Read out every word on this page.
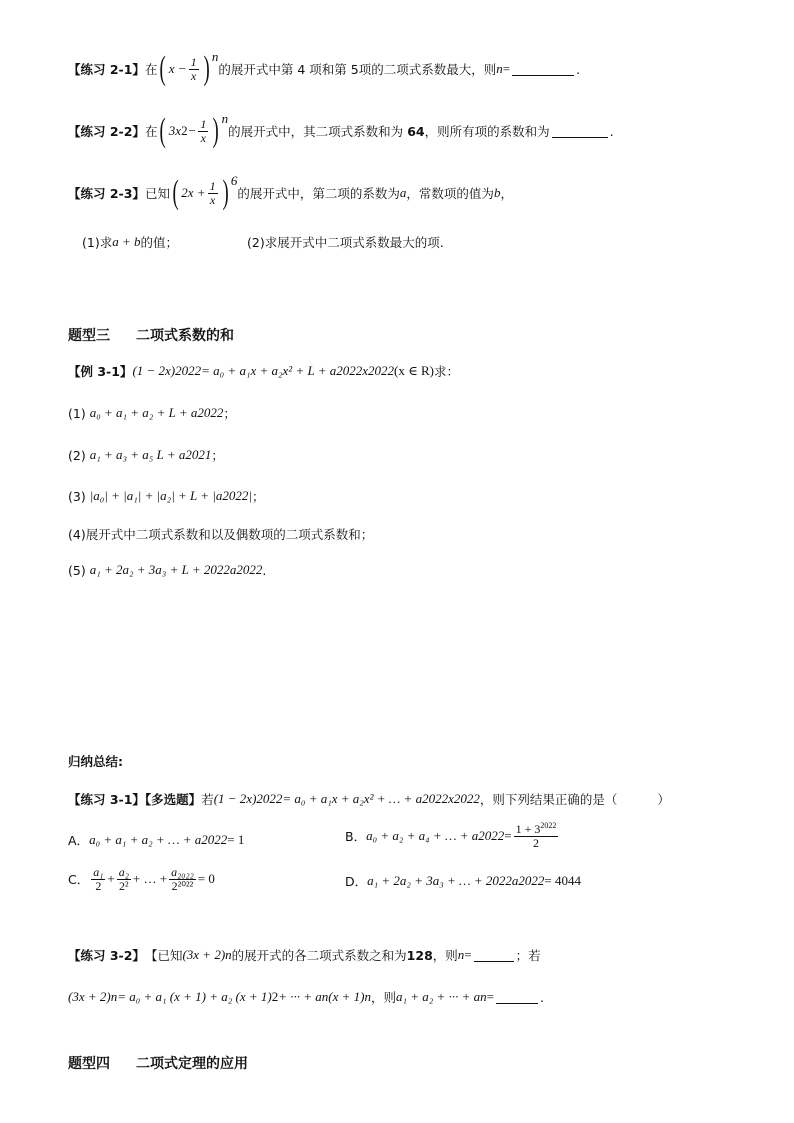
【练习 2-1】 在 ( $x - \frac{1}{x} )^n$
的展开式中第 4 项和第 5项的二项式系数最大，则 n =	.
【练习 2-2】 在 ( 3x $2 - \frac{1}{x} )^n$
的展开式中，其二项式系数和为 64 ，则所有项的系数和为	.
【练习 2-3】 已知 ( $2x + \frac{1}{x} )^6$
的展开式中，第二项的系数为 a ，常数项的值为 b ，
(1)求 a + b 的值；	(2)求展开式中二项式系数最大的项.
题型三 二项式系数的和
【例 3-1】 (1 − 2x) 2022 = a₀ + a₁x + a₂x² + L + a 2022 x 2022 (x ∈ R) 求：
(1) a₀ + a₁ + a₂ + L + a 2022 ；
(2) a₁ + a₃ + a₅ L + a 2021 ；
(3) |a₀| + |a₁| + |a₂| + L + |a 2022 | ；
(4) 展开式中二项式系数和以及偶数项的二项式系数和；
(5) a₁ + 2a₂ + 3a₃ + L + 2022a 2022 .
归纳总结:
【练习 3-1】【多选题】 若 (1 − 2x) 2022 = a₀ + a₁x + a₂x² + … + a 2022 x 2022 ，则下列结果正确的是（	）
A． a₀ + a₁ + a₂ + … + a 2022 = 1	B． a₀ + a₂ + a₄ + … + a $2022 = \frac{1 + 3^{2022}}{2}$
C． $\frac{\text{a₁}}{2} + \frac{\text{a₂}}{\text{2²}}$ + … + $\frac{\text{a₂₀₂₂}}{\text{2²⁰²²}} = 0$	D． a₁ + 2a₂ + 3a₃ + … + 2022a 2022 = 4044
【练习 3-2】 【已知 (3x + 2) n 的展开式的各二项式系数之和为 128 ，则 n =	；若
(3x + 2) n = a₀ + a₁ (x + 1) + a₂ (x + 1) 2 + ··· + a n (x + 1) n ，则 a₁ + a₂ + ··· + a n =	.
题型四 二项式定理的应用
